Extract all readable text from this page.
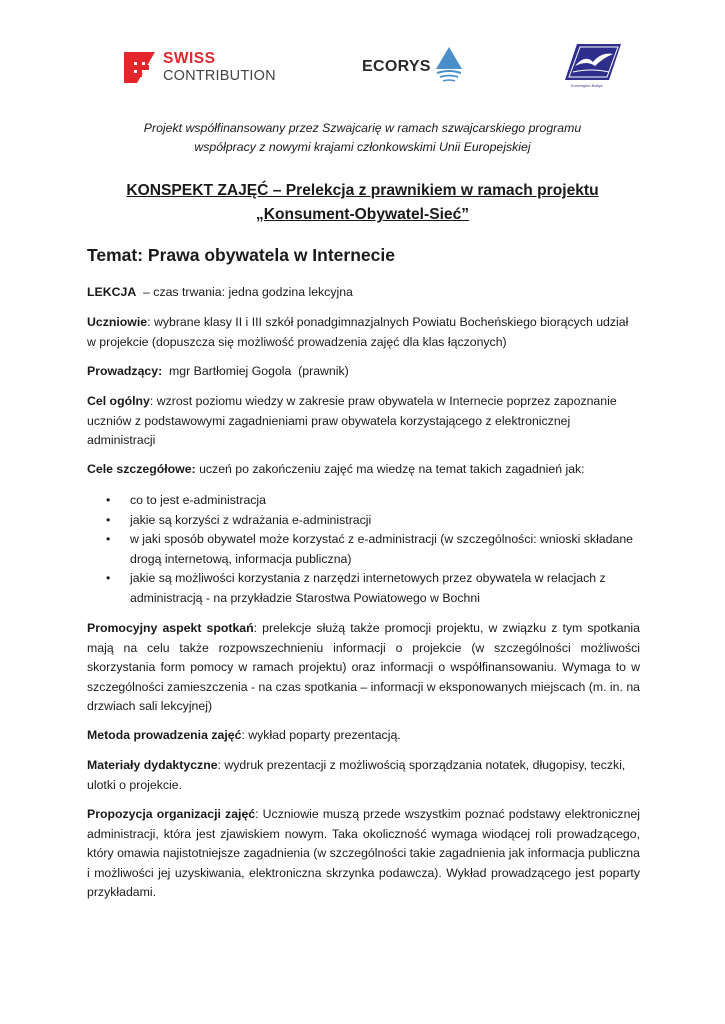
SWISS
CONTRIBUTION
ECORYS
Euroregion Bałtyk
Projekt współfinansowany przez Szwajcarię w ramach szwajcarskiego programu
współpracy z nowymi krajami członkowskimi Unii Europejskiej
KONSPEKT ZAJĘĆ – Prelekcja z prawnikiem w ramach projektu
„Konsument-Obywatel-Sieć”
Temat: Prawa obywatela w Internecie
LEKCJA  – czas trwania: jedna godzina lekcyjna
Uczniowie: wybrane klasy II i III szkół ponadgimnazjalnych Powiatu Bocheńskiego biorących udział w projekcie (dopuszcza się możliwość prowadzenia zajęć dla klas łączonych)
Prowadzący:  mgr Bartłomiej Gogola  (prawnik)
Cel ogólny: wzrost poziomu wiedzy w zakresie praw obywatela w Internecie poprzez zapoznanie uczniów z podstawowymi zagadnieniami praw obywatela korzystającego z elektronicznej administracji
Cele szczegółowe: uczeń po zakończeniu zajęć ma wiedzę na temat takich zagadnień jak:
• co to jest e-administracja
• jakie są korzyści z wdrażania e-administracji
• w jaki sposób obywatel może korzystać z e-administracji (w szczególności: wnioski składane drogą internetową, informacja publiczna)
• jakie są możliwości korzystania z narzędzi internetowych przez obywatela w relacjach z administracją - na przykładzie Starostwa Powiatowego w Bochni
Promocyjny aspekt spotkań: prelekcje służą także promocji projektu, w związku z tym spotkania mają na celu także rozpowszechnieniu informacji o projekcie (w szczególności możliwości skorzystania form pomocy w ramach projektu) oraz informacji o współfinansowaniu. Wymaga to w szczególności zamieszczenia - na czas spotkania – informacji w eksponowanych miejscach (m. in. na drzwiach sali lekcyjnej)
Metoda prowadzenia zajęć: wykład poparty prezentacją.
Materiały dydaktyczne: wydruk prezentacji z możliwością sporządzania notatek, długopisy, teczki, ulotki o projekcie.
Propozycja organizacji zajęć: Uczniowie muszą przede wszystkim poznać podstawy elektronicznej administracji, która jest zjawiskiem nowym. Taka okoliczność wymaga wiodącej roli prowadzącego, który omawia najistotniejsze zagadnienia (w szczególności takie zagadnienia jak informacja publiczna i możliwości jej uzyskiwania, elektroniczna skrzynka podawcza). Wykład prowadzącego jest poparty przykładami.
